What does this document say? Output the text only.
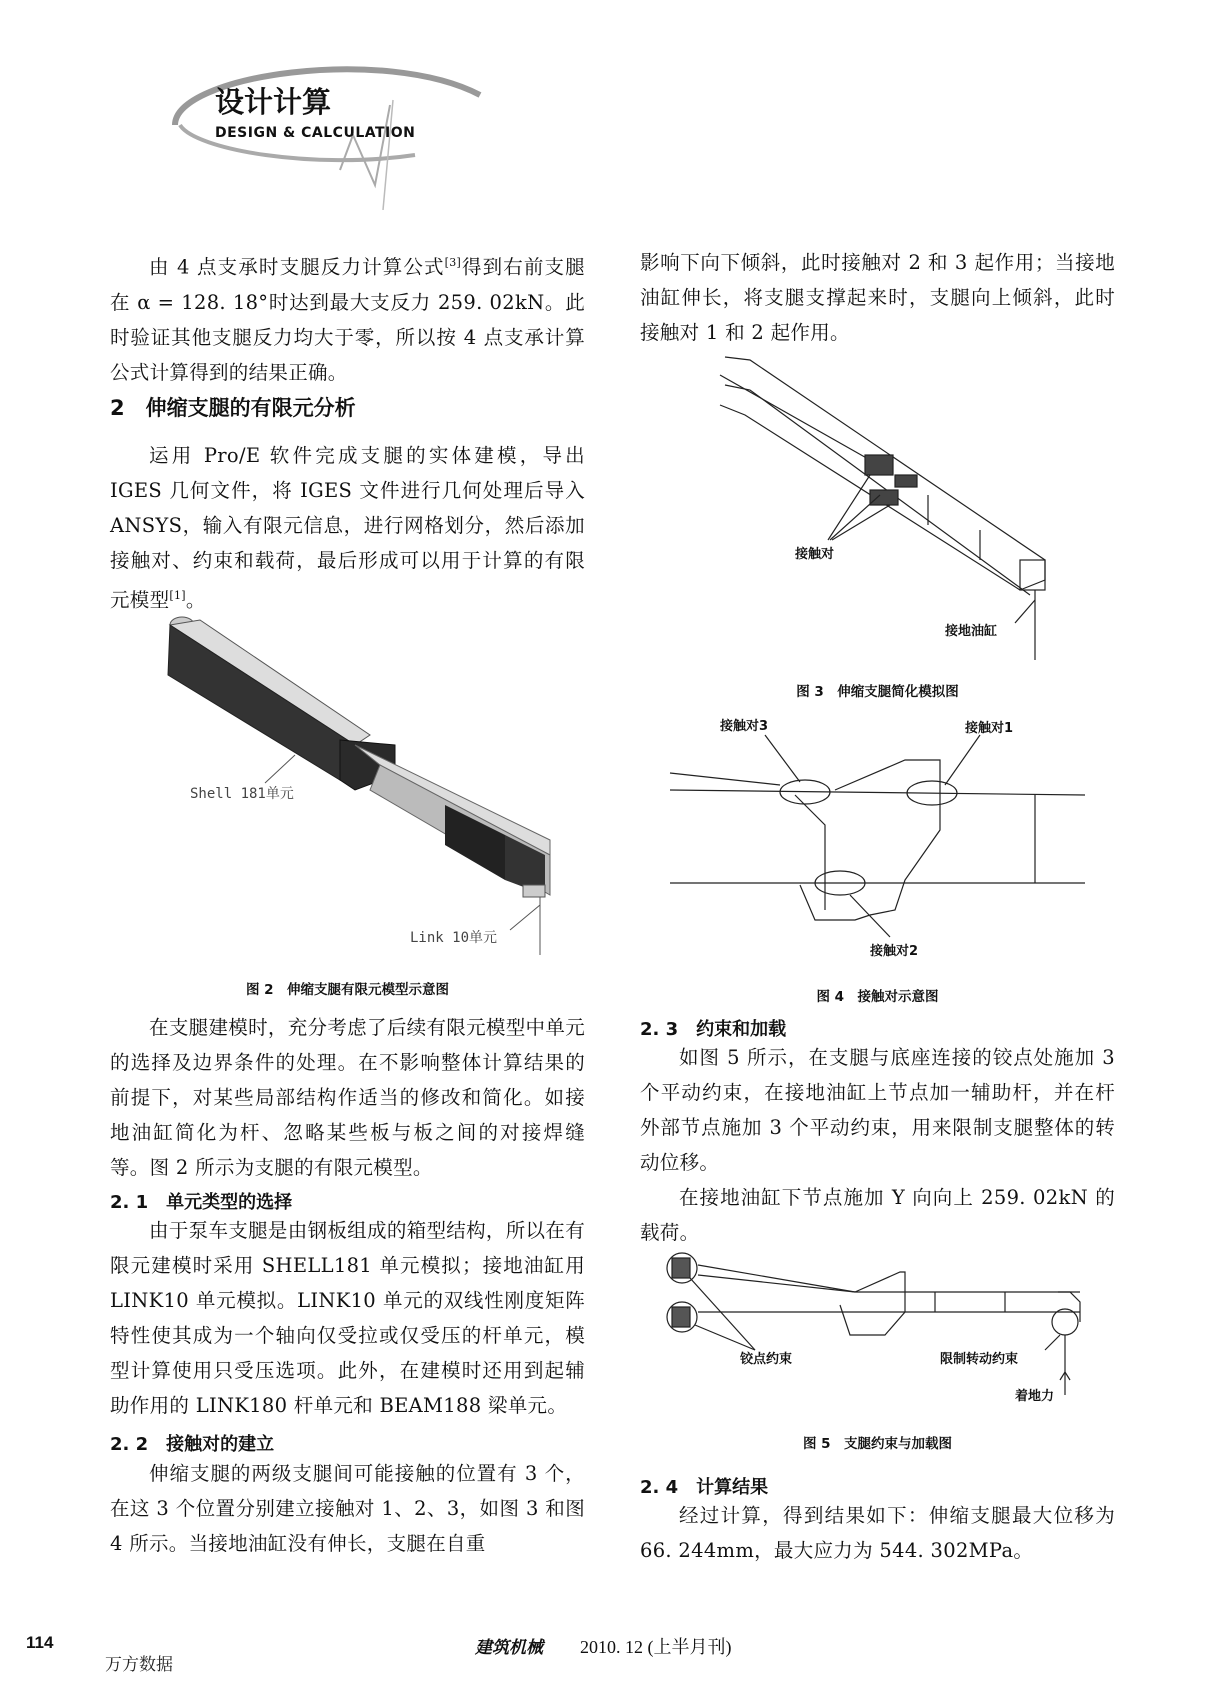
设计计算
DESIGN & CALCULATION

由 4 点支承时支腿反力计算公式[3]得到右前支腿在 α = 128. 18°时达到最大支反力 259. 02kN。此时验证其他支腿反力均大于零，所以按 4 点支承计算公式计算得到的结果正确。

2　伸缩支腿的有限元分析

运用 Pro/E 软件完成支腿的实体建模，导出 IGES 几何文件，将 IGES 文件进行几何处理后导入 ANSYS，输入有限元信息，进行网格划分，然后添加接触对、约束和载荷，最后形成可以用于计算的有限元模型[1]。

Shell 181单元
Link 10单元
图 2　伸缩支腿有限元模型示意图

在支腿建模时，充分考虑了后续有限元模型中单元的选择及边界条件的处理。在不影响整体计算结果的前提下，对某些局部结构作适当的修改和简化。如接地油缸简化为杆、忽略某些板与板之间的对接焊缝等。图 2 所示为支腿的有限元模型。

2. 1　单元类型的选择

由于泵车支腿是由钢板组成的箱型结构，所以在有限元建模时采用 SHELL181 单元模拟；接地油缸用 LINK10 单元模拟。LINK10 单元的双线性刚度矩阵特性使其成为一个轴向仅受拉或仅受压的杆单元，模型计算使用只受压选项。此外，在建模时还用到起辅助作用的 LINK180 杆单元和 BEAM188 梁单元。

2. 2　接触对的建立

伸缩支腿的两级支腿间可能接触的位置有 3 个，在这 3 个位置分别建立接触对 1、2、3，如图 3 和图 4 所示。当接地油缸没有伸长，支腿在自重

影响下向下倾斜，此时接触对 2 和 3 起作用；当接地油缸伸长，将支腿支撑起来时，支腿向上倾斜，此时接触对 1 和 2 起作用。

接触对
接地油缸
图 3　伸缩支腿简化模拟图
接触对3	接触对1
接触对2
图 4　接触对示意图
2. 3　约束和加载

如图 5 所示，在支腿与底座连接的铰点处施加 3 个平动约束，在接地油缸上节点加一辅助杆，并在杆外部节点施加 3 个平动约束，用来限制支腿整体的转动位移。

在接地油缸下节点施加 Y 向向上 259. 02kN 的载荷。

铰点约束	限制转动约束
着地力
图 5　支腿约束与加载图
2. 4　计算结果

经过计算，得到结果如下：伸缩支腿最大位移为 66. 244mm，最大应力为 544. 302MPa。

114
万方数据
建筑机械 2010. 12 (上半月刊)
